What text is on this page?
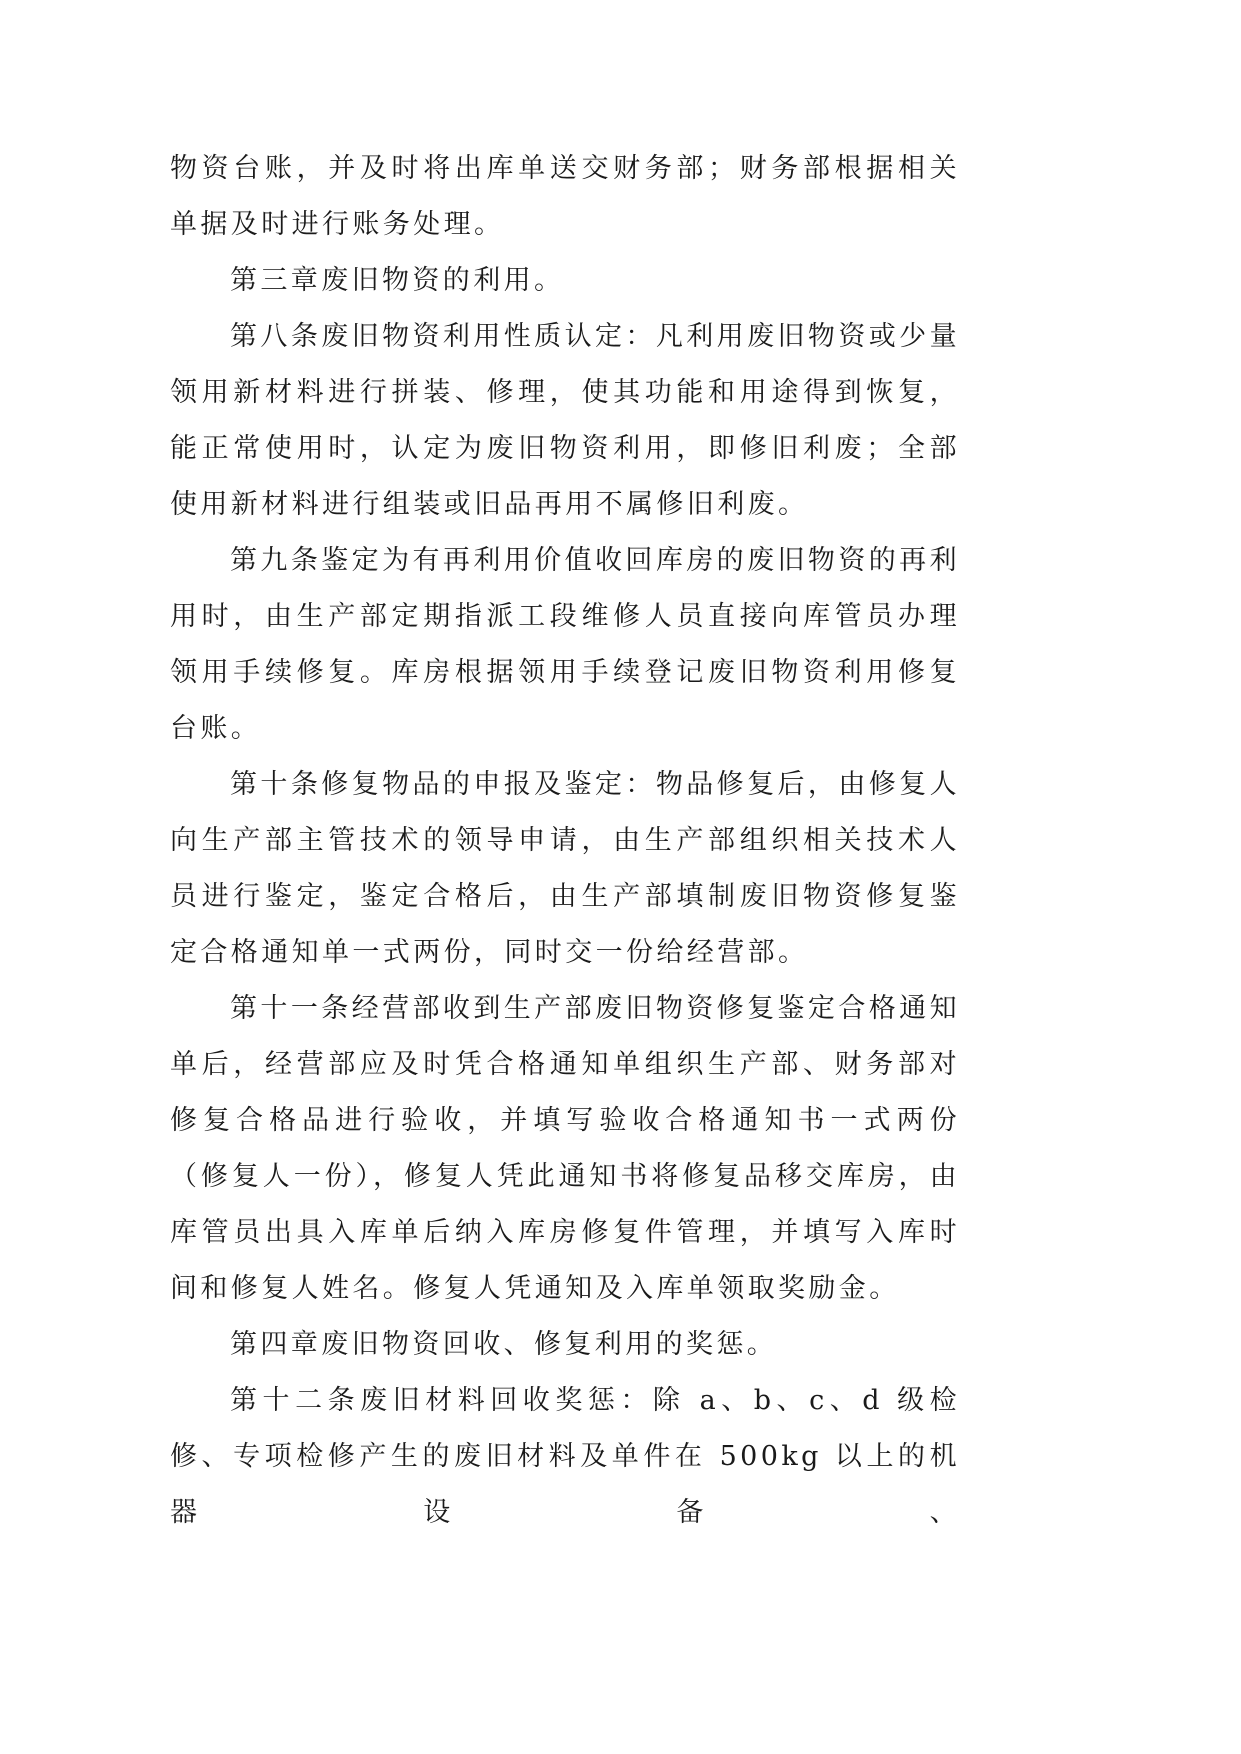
物资台账，并及时将出库单送交财务部；财务部根据相关单据及时进行账务处理。

第三章废旧物资的利用。

第八条废旧物资利用性质认定：凡利用废旧物资或少量领用新材料进行拼装、修理，使其功能和用途得到恢复，能正常使用时，认定为废旧物资利用，即修旧利废；全部使用新材料进行组装或旧品再用不属修旧利废。

第九条鉴定为有再利用价值收回库房的废旧物资的再利用时，由生产部定期指派工段维修人员直接向库管员办理领用手续修复。库房根据领用手续登记废旧物资利用修复台账。

第十条修复物品的申报及鉴定：物品修复后，由修复人向生产部主管技术的领导申请，由生产部组织相关技术人员进行鉴定，鉴定合格后，由生产部填制废旧物资修复鉴定合格通知单一式两份，同时交一份给经营部。

第十一条经营部收到生产部废旧物资修复鉴定合格通知单后，经营部应及时凭合格通知单组织生产部、财务部对修复合格品进行验收，并填写验收合格通知书一式两份（修复人一份），修复人凭此通知书将修复品移交库房，由库管员出具入库单后纳入库房修复件管理，并填写入库时间和修复人姓名。修复人凭通知及入库单领取奖励金。

第四章废旧物资回收、修复利用的奖惩。

第十二条废旧材料回收奖惩：除 a、b、c、d 级检修、专项检修产生的废旧材料及单件在 500kg 以上的机器设备、
